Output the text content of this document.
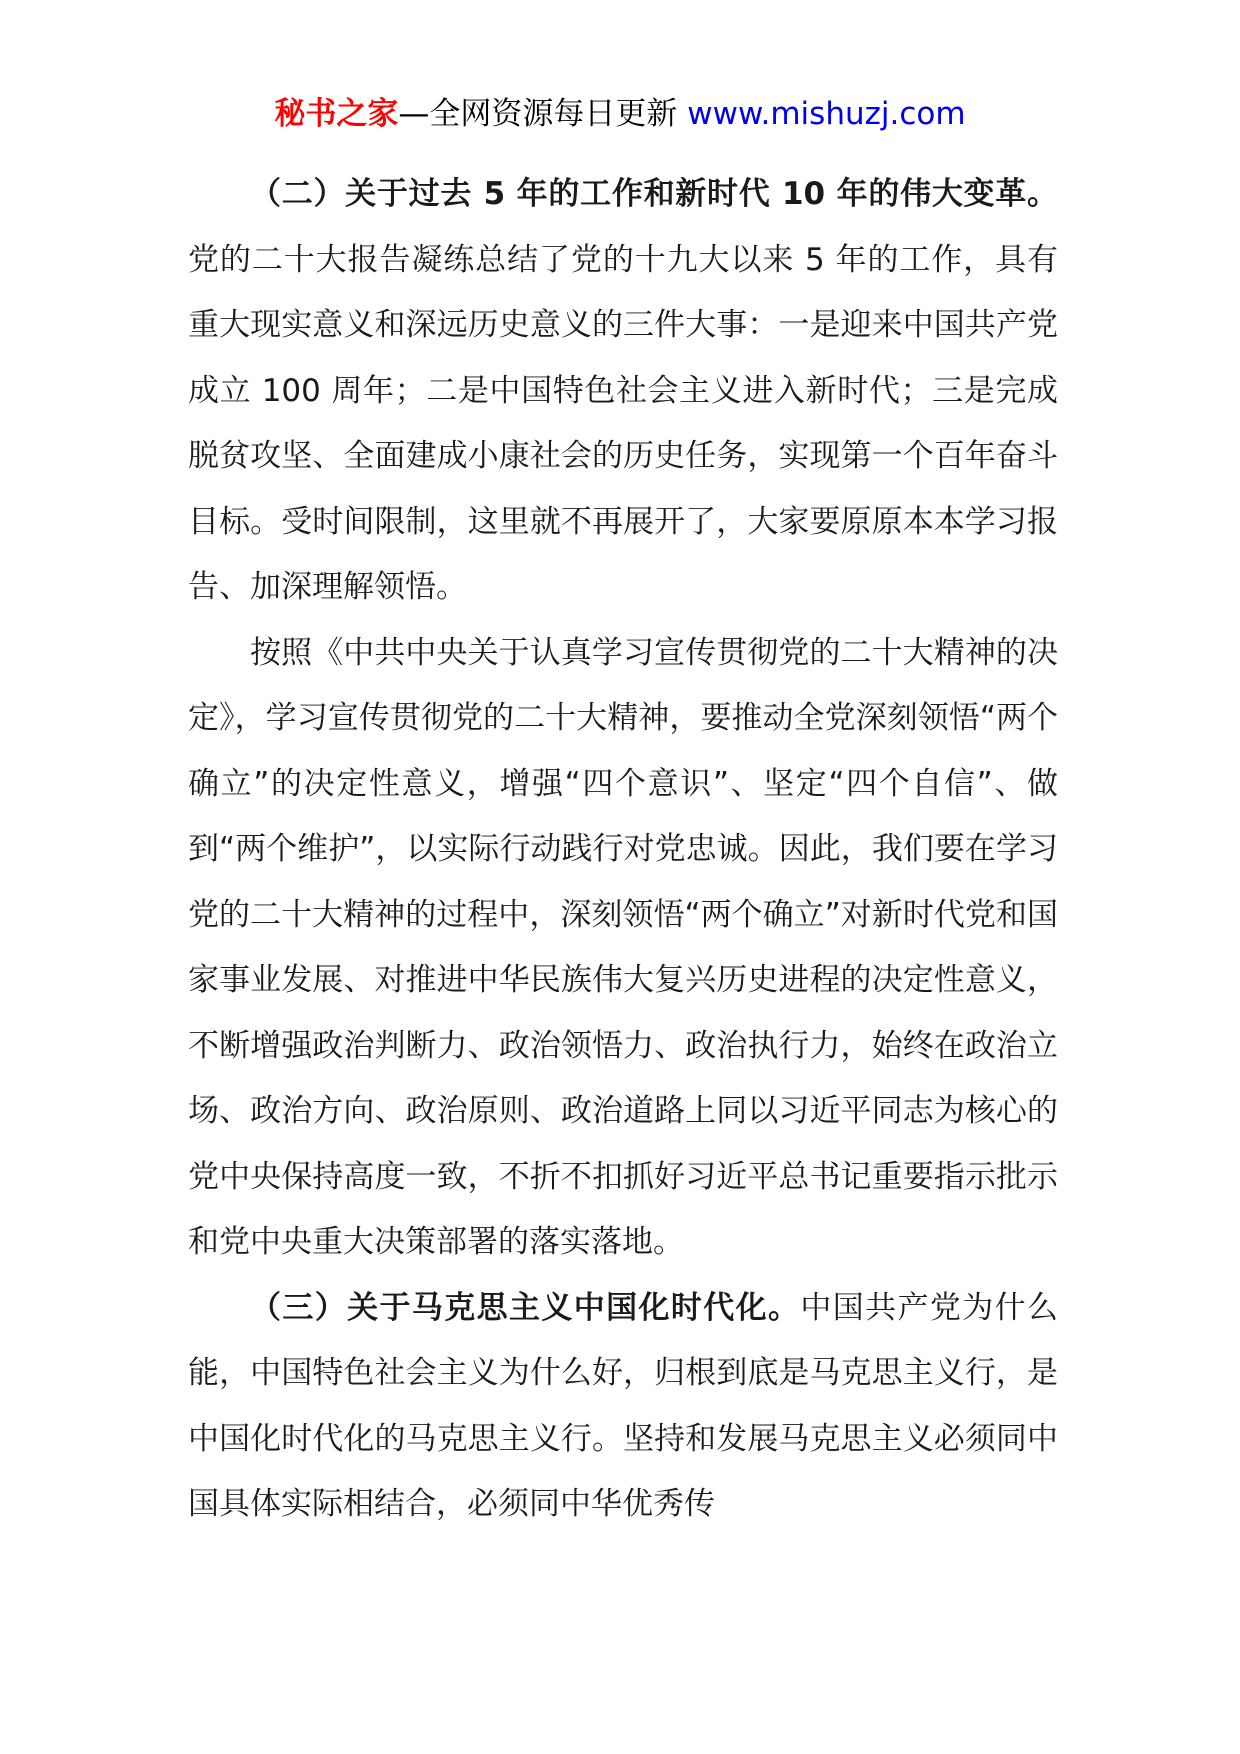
秘书之家—全网资源每日更新 www.mishuzj.com

（二）关于过去 5 年的工作和新时代 10 年的伟大变革。党的二十大报告凝练总结了党的十九大以来 5 年的工作，具有重大现实意义和深远历史意义的三件大事：一是迎来中国共产党成立 100 周年；二是中国特色社会主义进入新时代；三是完成脱贫攻坚、全面建成小康社会的历史任务，实现第一个百年奋斗目标。受时间限制，这里就不再展开了，大家要原原本本学习报告、加深理解领悟。

按照《中共中央关于认真学习宣传贯彻党的二十大精神的决定》，学习宣传贯彻党的二十大精神，要推动全党深刻领悟“两个确立”的决定性意义，增强“四个意识”、坚定“四个自信”、做到“两个维护”，以实际行动践行对党忠诚。因此，我们要在学习党的二十大精神的过程中，深刻领悟“两个确立”对新时代党和国家事业发展、对推进中华民族伟大复兴历史进程的决定性意义，不断增强政治判断力、政治领悟力、政治执行力，始终在政治立场、政治方向、政治原则、政治道路上同以习近平同志为核心的党中央保持高度一致，不折不扣抓好习近平总书记重要指示批示和党中央重大决策部署的落实落地。

（三）关于马克思主义中国化时代化。中国共产党为什么能，中国特色社会主义为什么好，归根到底是马克思主义行，是中国化时代化的马克思主义行。坚持和发展马克思主义必须同中国具体实际相结合，必须同中华优秀传
